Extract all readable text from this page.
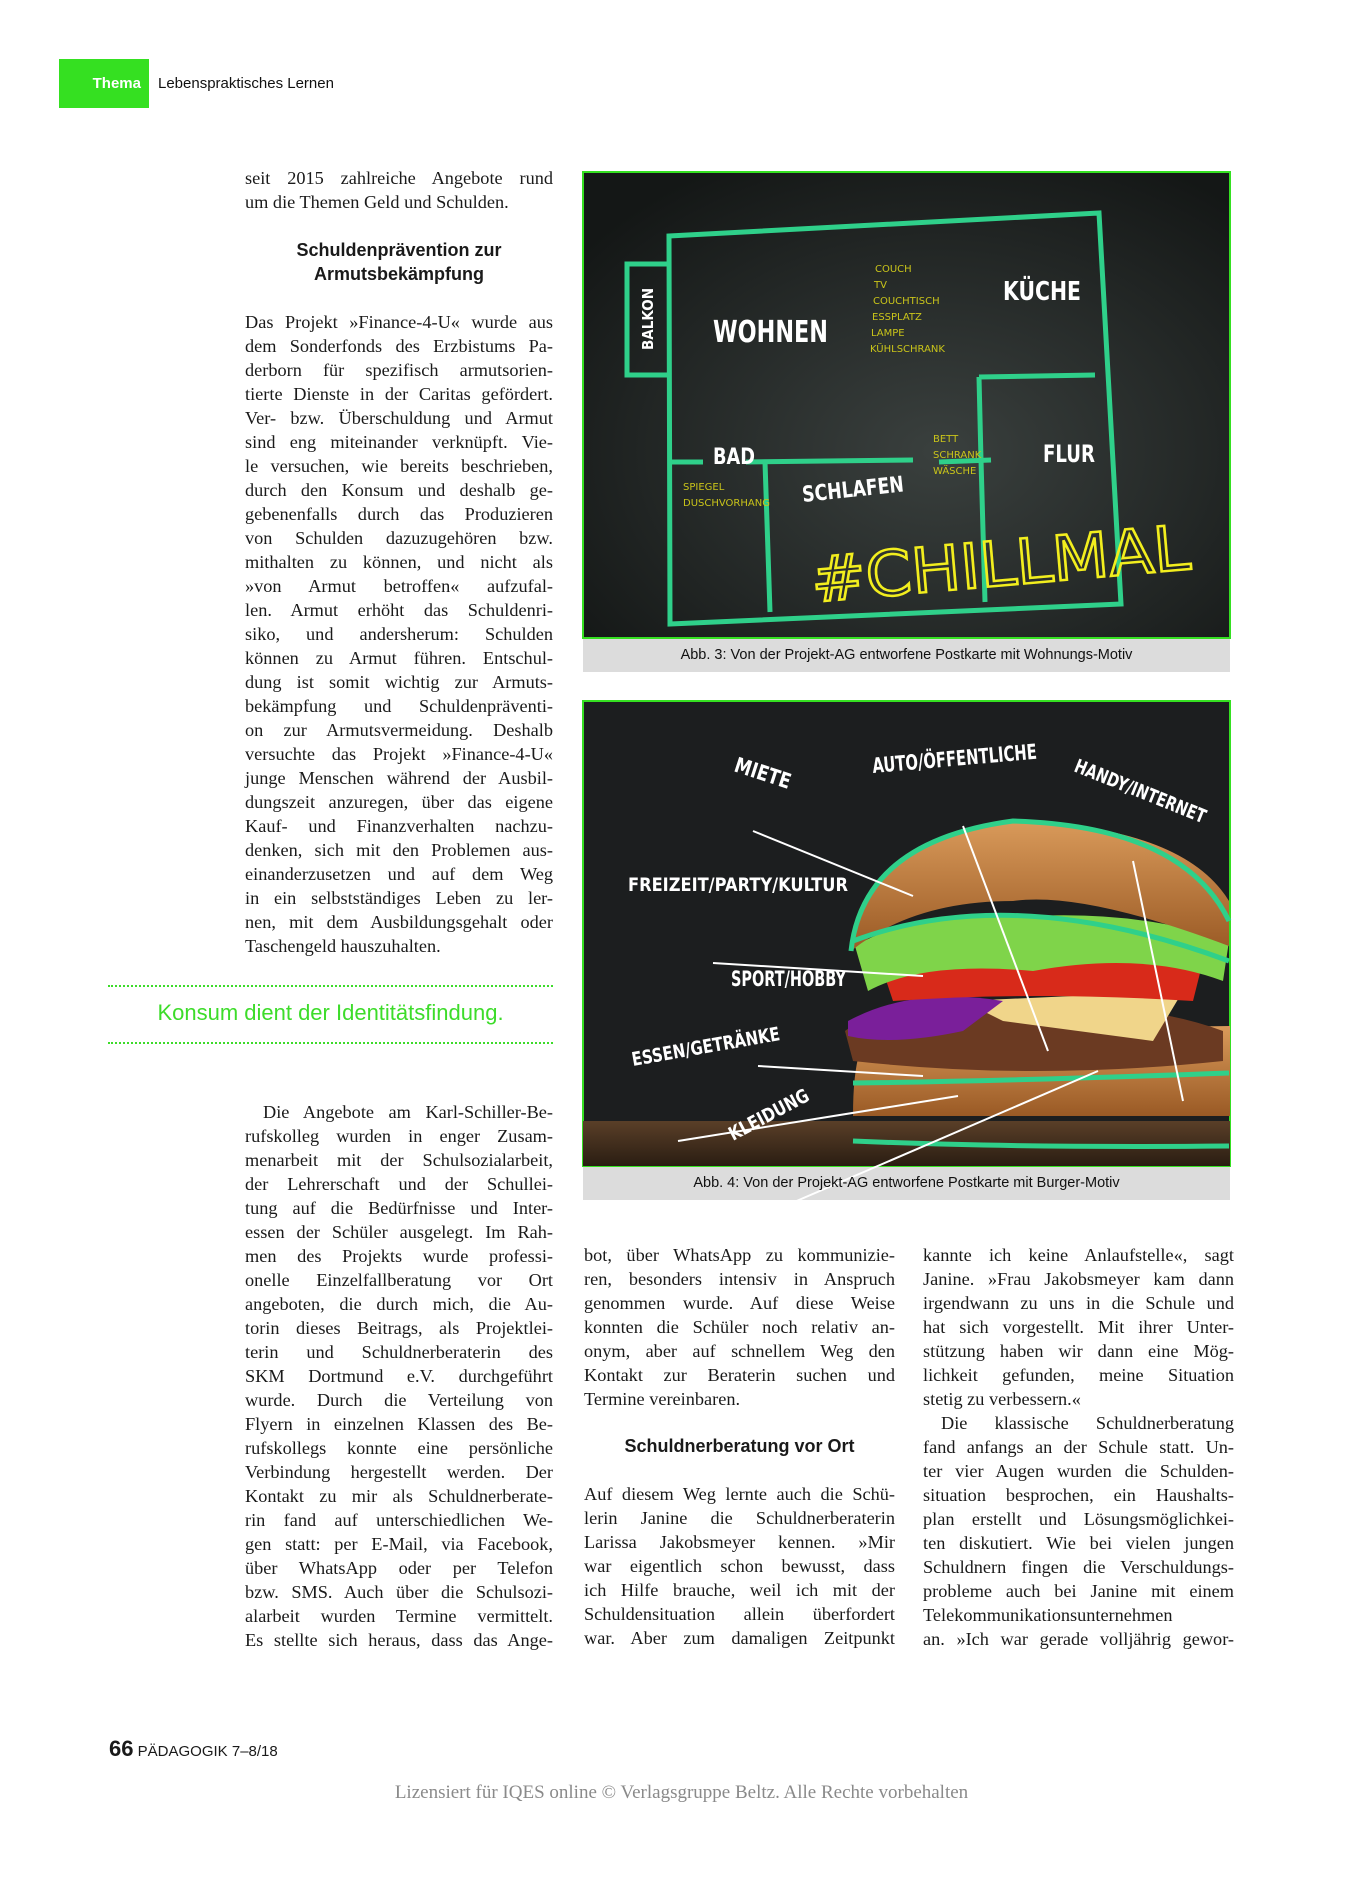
Thema	Lebenspraktisches Lernen
seit 2015 zahlreiche Angebote rund
um die Themen Geld und Schulden.
Schuldenprävention zur
Armutsbekämpfung
Das Projekt »Finance-4-U« wurde aus
dem Sonderfonds des Erzbistums Pa-
derborn für spezifisch armutsorien-
tierte Dienste in der Caritas gefördert.
Ver- bzw. Überschuldung und Armut
sind eng miteinander verknüpft. Vie-
le versuchen, wie bereits beschrieben,
durch den Konsum und deshalb ge-
gebenenfalls durch das Produzieren
von Schulden dazuzugehören bzw.
mithalten zu können, und nicht als
»von Armut betroffen« aufzufal-
len. Armut erhöht das Schuldenri-
siko, und andersherum: Schulden
können zu Armut führen. Entschul-
dung ist somit wichtig zur Armuts-
bekämpfung und Schuldenpräventi-
on zur Armutsvermeidung. Deshalb
versuchte das Projekt »Finance-4-U«
junge Menschen während der Ausbil-
dungszeit anzuregen, über das eigene
Kauf- und Finanzverhalten nachzu-
denken, sich mit den Problemen aus-
einanderzusetzen und auf dem Weg
in ein selbstständiges Leben zu ler-
nen, mit dem Ausbildungsgehalt oder
Taschengeld hauszuhalten.
Konsum dient der Identitätsfindung.
Die Angebote am Karl-Schiller-Be-
rufskolleg wurden in enger Zusam-
menarbeit mit der Schulsozialarbeit,
der Lehrerschaft und der Schullei-
tung auf die Bedürfnisse und Inter-
essen der Schüler ausgelegt. Im Rah-
men des Projekts wurde professi-
onelle Einzelfallberatung vor Ort
angeboten, die durch mich, die Au-
torin dieses Beitrags, als Projektlei-
terin und Schuldnerberaterin des
SKM Dortmund e.V. durchgeführt
wurde. Durch die Verteilung von
Flyern in einzelnen Klassen des Be-
rufskollegs konnte eine persönliche
Verbindung hergestellt werden. Der
Kontakt zu mir als Schuldnerberate-
rin fand auf unterschiedlichen We-
gen statt: per E-Mail, via Facebook,
über WhatsApp oder per Telefon
bzw. SMS. Auch über die Schulsozi-
alarbeit wurden Termine vermittelt.
Es stellte sich heraus, dass das Ange-
BALKON WOHNEN
KÜCHE
BAD
SCHLAFEN
FLUR
COUCH
TV
COUCHTISCH
ESSPLATZ
LAMPE
KÜHLSCHRANK
SPIEGEL
DUSCHVORHANG
BETT
SCHRANK
WÄSCHE
#CHILLMAL
Abb. 3: Von der Projekt-AG entworfene Postkarte mit Wohnungs-Motiv
MIETE	AUTO/ÖFFENTLICHE
HANDY/INTERNET
FREIZEIT/PARTY/KULTUR
SPORT/HOBBY
ESSEN/GETRÄNKE
KLEIDUNG
Abb. 4: Von der Projekt-AG entworfene Postkarte mit Burger-Motiv
bot, über WhatsApp zu kommunizie-
ren, besonders intensiv in Anspruch
genommen wurde. Auf diese Weise
konnten die Schüler noch relativ an-
onym, aber auf schnellem Weg den
Kontakt zur Beraterin suchen und
Termine vereinbaren.
Schuldnerberatung vor Ort
Auf diesem Weg lernte auch die Schü-
lerin Janine die Schuldnerberaterin
Larissa Jakobsmeyer kennen. »Mir
war eigentlich schon bewusst, dass
ich Hilfe brauche, weil ich mit der
Schuldensituation allein überfordert
war. Aber zum damaligen Zeitpunkt
kannte ich keine Anlaufstelle«, sagt
Janine. »Frau Jakobsmeyer kam dann
irgendwann zu uns in die Schule und
hat sich vorgestellt. Mit ihrer Unter-
stützung haben wir dann eine Mög-
lichkeit gefunden, meine Situation
stetig zu verbessern.«
Die klassische Schuldnerberatung
fand anfangs an der Schule statt. Un-
ter vier Augen wurden die Schulden-
situation besprochen, ein Haushalts-
plan erstellt und Lösungsmöglichkei-
ten diskutiert. Wie bei vielen jungen
Schuldnern fingen die Verschuldungs-
probleme auch bei Janine mit einem
Telekommunikationsunternehmen
an. »Ich war gerade volljährig gewor-
66 PÄDAGOGIK 7–8/18
Lizensiert für IQES online © Verlagsgruppe Beltz. Alle Rechte vorbehalten
